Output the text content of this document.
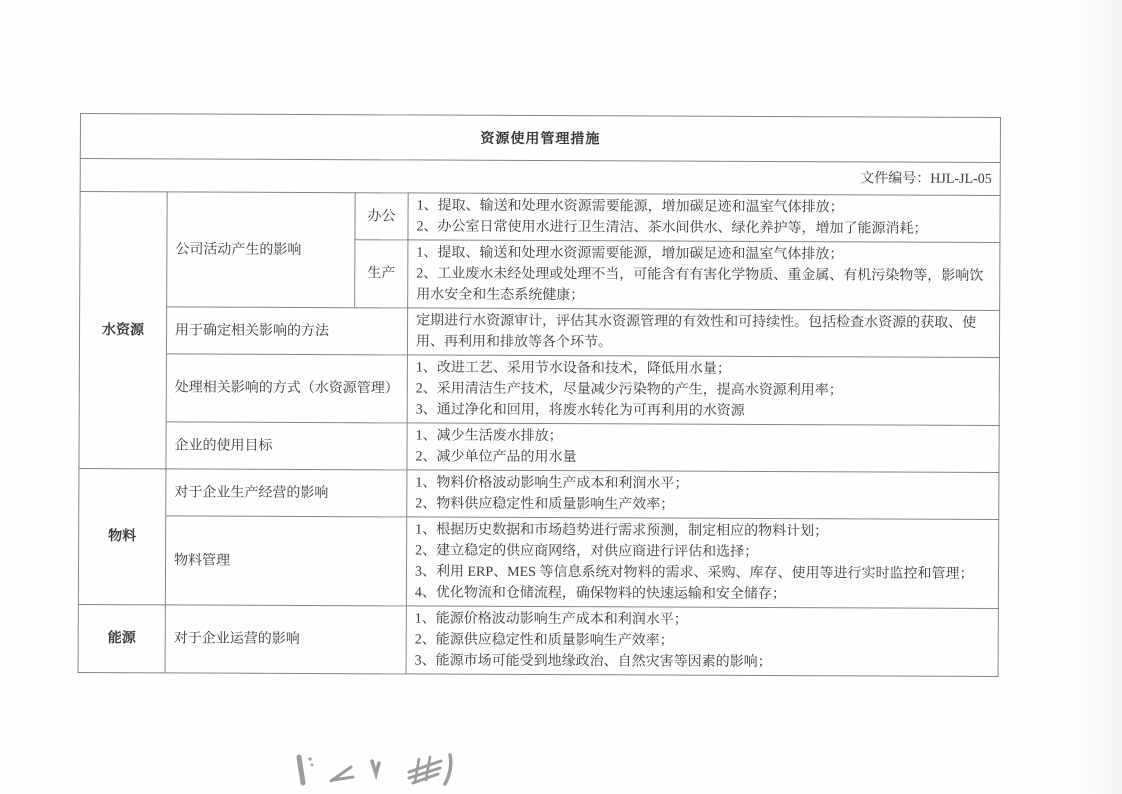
资源使用管理措施			
文件编号：HJL-JL-05			
水资源	公司活动产生的影响	办公	1、提取、输送和处理水资源需要能源，增加碳足迹和温室气体排放；
2、办公室日常使用水进行卫生清洁、茶水间供水、绿化养护等，增加了能源消耗；

		生产	1、提取、输送和处理水资源需要能源，增加碳足迹和温室气体排放；
2、工业废水未经处理或处理不当，可能含有有害化学物质、重金属、有机污染物等，影响饮用水安全和生态系统健康；

	用于确定相关影响的方法		定期进行水资源审计，评估其水资源管理的有效性和可持续性。包括检查水资源的获取、使用、再利用和排放等各个环节。

	处理相关影响的方式（水资源管理）		1、改进工艺、采用节水设备和技术，降低用水量；
2、采用清洁生产技术，尽量减少污染物的产生，提高水资源利用率；
3、通过净化和回用，将废水转化为可再利用的水资源

	企业的使用目标		1、减少生活废水排放；
2、减少单位产品的用水量

物料	对于企业生产经营的影响		1、物料价格波动影响生产成本和利润水平；
2、物料供应稳定性和质量影响生产效率；

	物料管理		1、根据历史数据和市场趋势进行需求预测，制定相应的物料计划；
2、建立稳定的供应商网络，对供应商进行评估和选择；
3、利用 ERP、MES 等信息系统对物料的需求、采购、库存、使用等进行实时监控和管理；
4、优化物流和仓储流程，确保物料的快速运输和安全储存；

能源	对于企业运营的影响		1、能源价格波动影响生产成本和利润水平；
2、能源供应稳定性和质量影响生产效率；
3、能源市场可能受到地缘政治、自然灾害等因素的影响；
